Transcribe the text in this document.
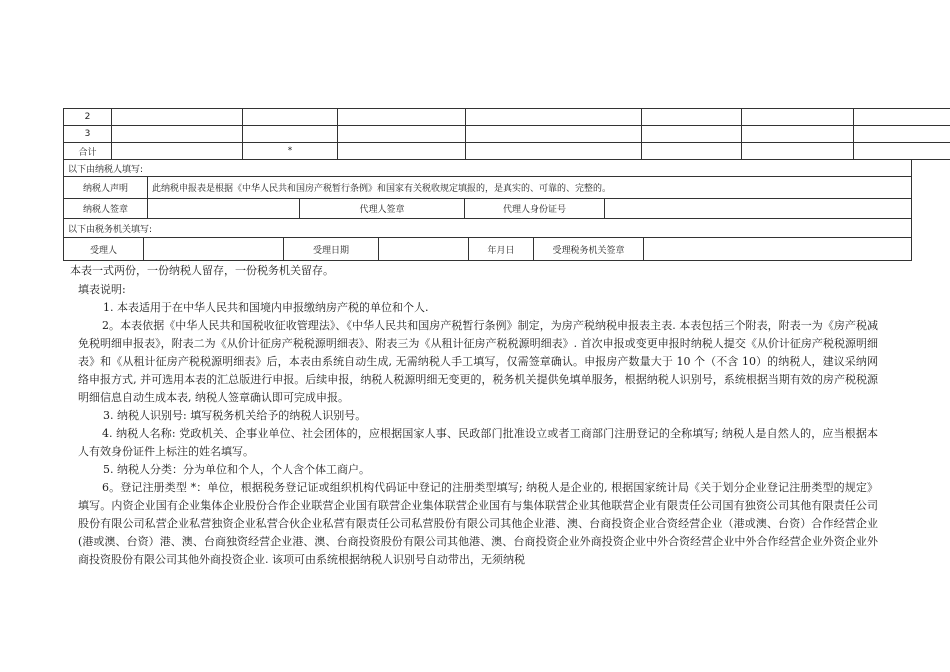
2							
3							
合计		*					
以下由纳税人填写:				
纳税人声明	此纳税申报表是根据《中华人民共和国房产税暂行条例》和国家有关税收规定填报的，是真实的、可靠的、完整的。			
纳税人签章		代理人签章	代理人身份证号	
以下由税务机关填写:
受理人		受理日期		年月日	受理税务机关签章	
本表一式两份，一份纳税人留存，一份税务机关留存。
填表说明:
1. 本表适用于在中华人民共和国境内申报缴纳房产税的单位和个人.
2。本表依据《中华人民共和国税收征收管理法》、《中华人民共和国房产税暂行条例》制定，为房产税纳税申报表主表. 本表包括三个附表，附表一为《房产税减免税明细申报表》，附表二为《从价计征房产税税源明细表》、附表三为《从租计征房产税税源明细表》. 首次申报或变更申报时纳税人提交《从价计征房产税税源明细表》和《从租计征房产税税源明细表》后，本表由系统自动生成, 无需纳税人手工填写，仅需签章确认。申报房产数量大于 10 个（不含 10）的纳税人，建议采纳网络申报方式, 并可选用本表的汇总版进行申报。后续申报，纳税人税源明细无变更的，税务机关提供免填单服务，根据纳税人识别号，系统根据当期有效的房产税税源明细信息自动生成本表, 纳税人签章确认即可完成申报。
3. 纳税人识别号: 填写税务机关给予的纳税人识别号。
4. 纳税人名称: 党政机关、企事业单位、社会团体的，应根据国家人事、民政部门批准设立或者工商部门注册登记的全称填写; 纳税人是自然人的，应当根据本人有效身份证件上标注的姓名填写。
5. 纳税人分类：分为单位和个人，个人含个体工商户。
6。登记注册类型 *：单位，根据税务登记证或组织机构代码证中登记的注册类型填写; 纳税人是企业的, 根据国家统计局《关于划分企业登记注册类型的规定》填写。内资企业国有企业集体企业股份合作企业联营企业国有联营企业集体联营企业国有与集体联营企业其他联营企业有限责任公司国有独资公司其他有限责任公司股份有限公司私营企业私营独资企业私营合伙企业私营有限责任公司私营股份有限公司其他企业港、澳、台商投资企业合资经营企业（港或澳、台资）合作经营企业 (港或澳、台资）港、澳、台商独资经营企业港、澳、台商投资股份有限公司其他港、澳、台商投资企业外商投资企业中外合资经营企业中外合作经营企业外资企业外商投资股份有限公司其他外商投资企业. 该项可由系统根据纳税人识别号自动带出，无须纳税
